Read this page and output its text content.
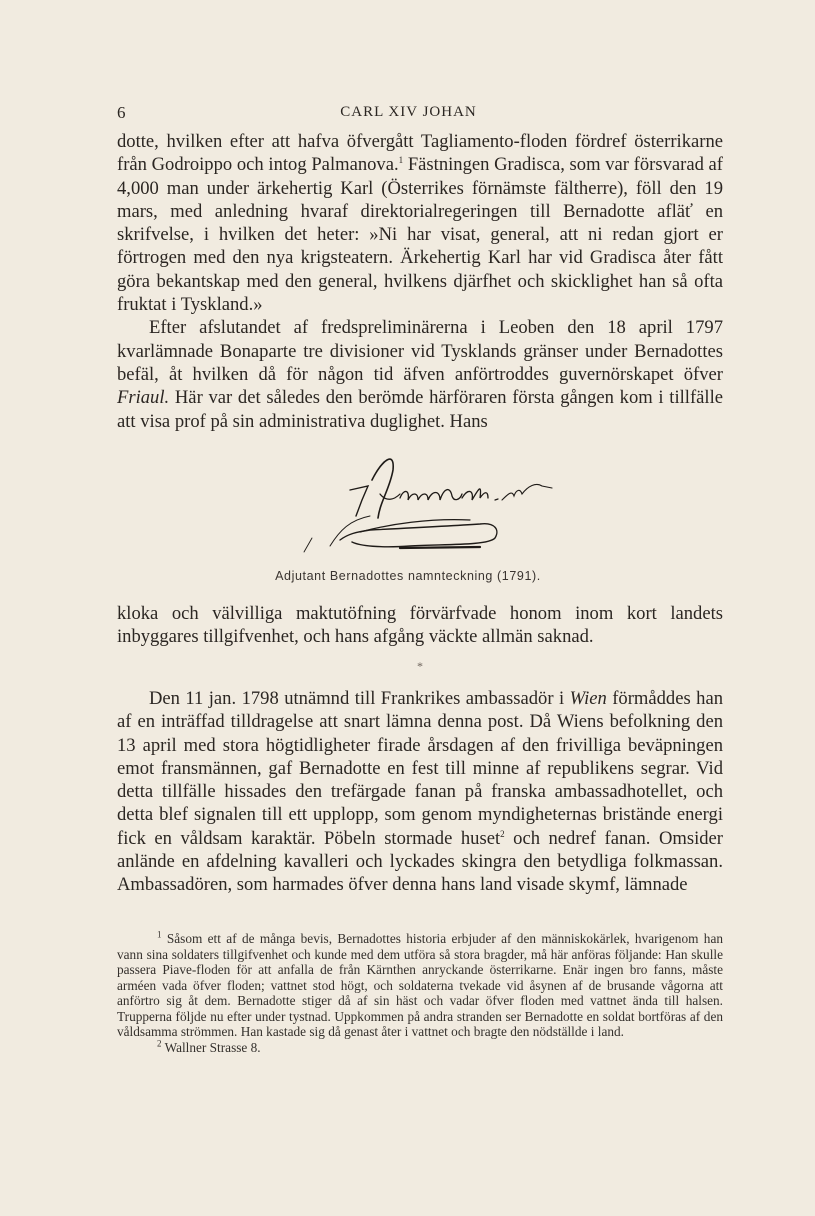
6	CARL XIV JOHAN

dotte, hvilken efter att hafva öfvergått Tagliamento-floden fördref österrikarne från Godroippo och intog Palmanova.$^1$ Fästningen Gradisca, som var försvarad af 4,000 man under ärkehertig Karl (Österrikes förnämste fältherre), föll den 19 mars, med anledning hvaraf direktorialregeringen till Bernadotte afläť en skrifvelse, i hvilken det heter: »Ni har visat, general, att ni redan gjort er förtrogen med den nya krigsteatern. Ärkehertig Karl har vid Gradisca åter fått göra bekantskap med den general, hvilkens djärfhet och skicklighet han så ofta fruktat i Tyskland.»

Efter afslutandet af fredspreliminärerna i Leoben den 18 april 1797 kvarlämnade Bonaparte tre divisioner vid Tysklands gränser under Bernadottes befäl, åt hvilken då för någon tid äfven anförtroddes guvernörskapet öfver Friaul. Här var det således den berömde härföraren första gången kom i tillfälle att visa prof på sin administrativa duglighet. Hans

Adjutant Bernadottes namnteckning (1791).

kloka och välvilliga maktutöfning förvärfvade honom inom kort landets inbyggares tillgifvenhet, och hans afgång väckte allmän saknad.

*

Den 11 jan. 1798 utnämnd till Frankrikes ambassadör i Wien förmåddes han af en inträffad tilldragelse att snart lämna denna post. Då Wiens befolkning den 13 april med stora högtidligheter firade årsdagen af den frivilliga beväpningen emot fransmännen, gaf Bernadotte en fest till minne af republikens segrar. Vid detta tillfälle hissades den trefärgade fanan på franska ambassadhotellet, och detta blef signalen till ett upplopp, som genom myndigheternas bristände energi fick en våldsam karaktär. Pöbeln stormade huset$^2$ och nedref fanan. Omsider anlände en afdelning kavalleri och lyckades skingra den betydliga folkmassan. Ambassadören, som harmades öfver denna hans land visade skymf, lämnade

$^1$ Såsom ett af de många bevis, Bernadottes historia erbjuder af den människokärlek, hvarigenom han vann sina soldaters tillgifvenhet och kunde med dem utföra så stora bragder, må här anföras följande: Han skulle passera Piave-floden för att anfalla de från Kärnthen anryckande österrikarne. Enär ingen bro fanns, måste arméen vada öfver floden; vattnet stod högt, och soldaterna tvekade vid åsynen af de brusande vågorna att anförtro sig åt dem. Bernadotte stiger då af sin häst och vadar öfver floden med vattnet ända till halsen. Trupperna följde nu efter under tystnad. Uppkommen på andra stranden ser Bernadotte en soldat bortföras af den våldsamma strömmen. Han kastade sig då genast åter i vattnet och bragte den nödställde i land.

$^2$ Wallner Strasse 8.
